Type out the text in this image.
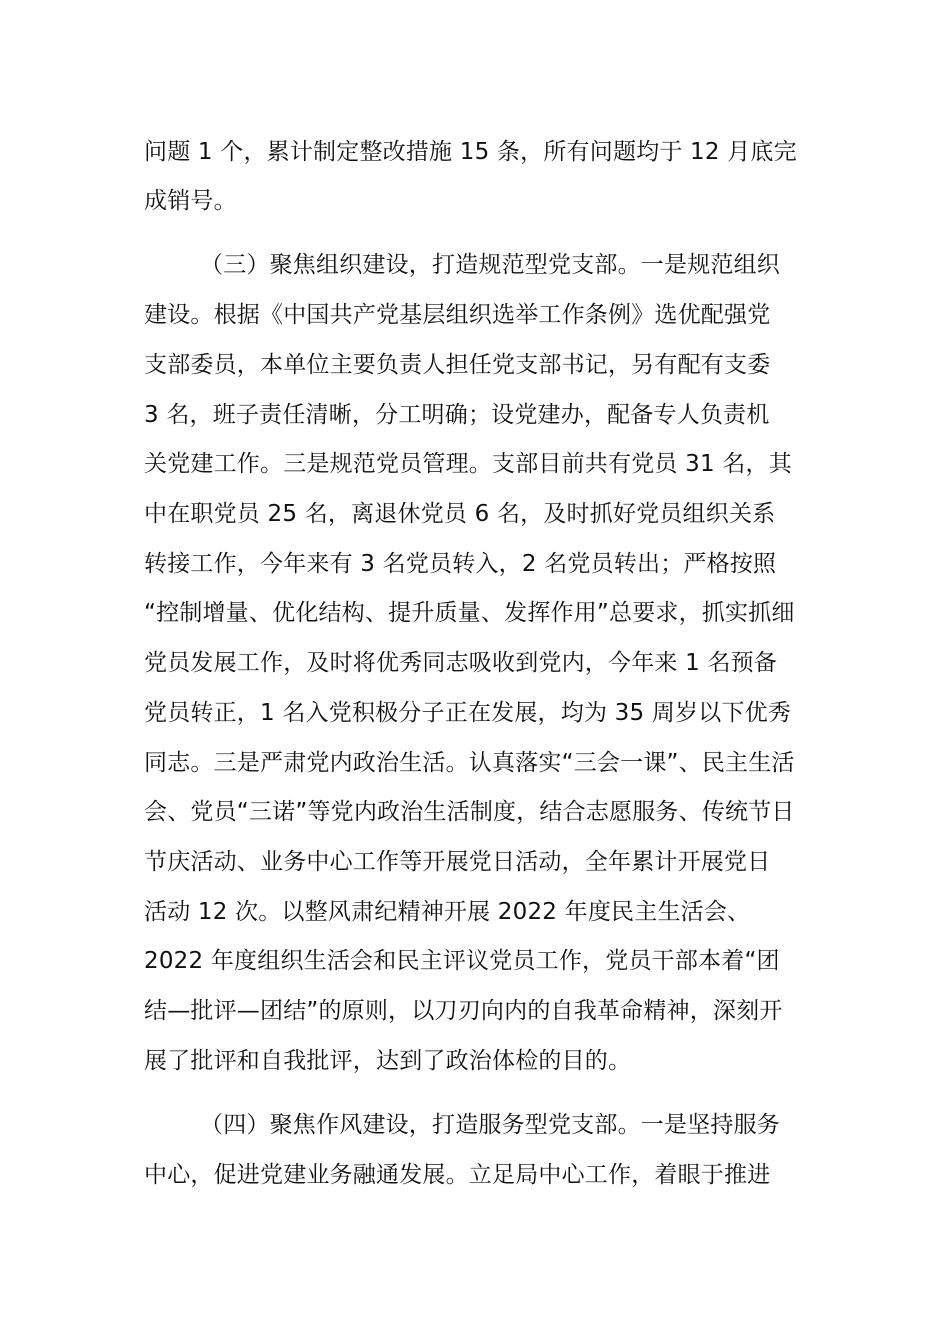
问题 1 个，累计制定整改措施 15 条，所有问题均于 12 月底完
成销号。
（三）聚焦组织建设，打造规范型党支部。一是规范组织
建设。根据《中国共产党基层组织选举工作条例》选优配强党
支部委员，本单位主要负责人担任党支部书记，另有配有支委
3 名，班子责任清晰，分工明确；设党建办，配备专人负责机
关党建工作。三是规范党员管理。支部目前共有党员 31 名，其
中在职党员 25 名，离退休党员 6 名，及时抓好党员组织关系
转接工作，今年来有 3 名党员转入，2 名党员转出；严格按照
“控制增量、优化结构、提升质量、发挥作用”总要求，抓实抓细
党员发展工作，及时将优秀同志吸收到党内，今年来 1 名预备
党员转正，1 名入党积极分子正在发展，均为 35 周岁以下优秀
同志。三是严肃党内政治生活。认真落实“三会一课”、民主生活
会、党员“三诺”等党内政治生活制度，结合志愿服务、传统节日
节庆活动、业务中心工作等开展党日活动，全年累计开展党日
活动 12 次。以整风肃纪精神开展 2022 年度民主生活会、
2022 年度组织生活会和民主评议党员工作，党员干部本着“团
结—批评—团结”的原则，以刀刃向内的自我革命精神，深刻开
展了批评和自我批评，达到了政治体检的目的。
（四）聚焦作风建设，打造服务型党支部。一是坚持服务
中心，促进党建业务融通发展。立足局中心工作，着眼于推进
